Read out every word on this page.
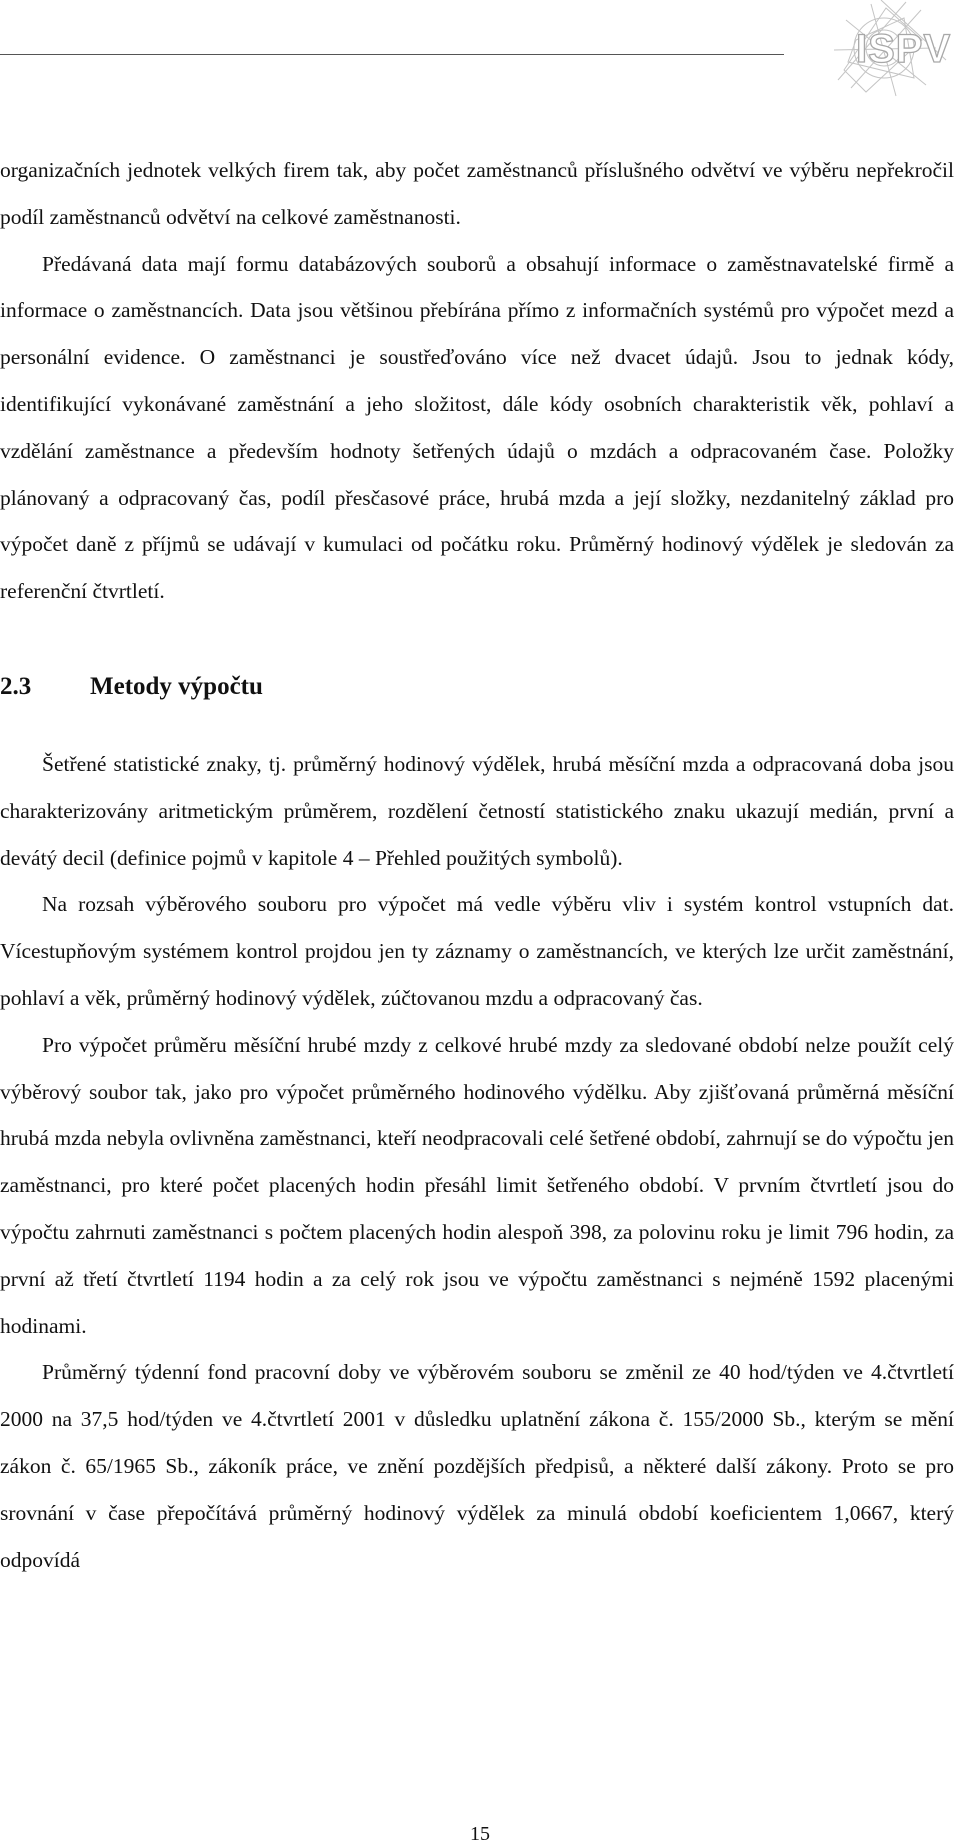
ISPV

organizačních jednotek velkých firem tak, aby počet zaměstnanců příslušného odvětví ve výběru nepřekročil podíl zaměstnanců odvětví na celkové zaměstnanosti.

Předávaná data mají formu databázových souborů a obsahují informace o zaměstnavatelské firmě a informace o zaměstnancích. Data jsou většinou přebírána přímo z informačních systémů pro výpočet mezd a personální evidence. O zaměstnanci je soustřeďováno více než dvacet údajů. Jsou to jednak kódy, identifikující vykonávané zaměstnání a jeho složitost, dále kódy osobních charakteristik věk, pohlaví a vzdělání zaměstnance a především hodnoty šetřených údajů o mzdách a odpracovaném čase. Položky plánovaný a odpracovaný čas, podíl přesčasové práce, hrubá mzda a její složky, nezdanitelný základ pro výpočet daně z příjmů se udávají v kumulaci od počátku roku. Průměrný hodinový výdělek je sledován za referenční čtvrtletí.

2.3	Metody výpočtu

Šetřené statistické znaky, tj. průměrný hodinový výdělek, hrubá měsíční mzda a odpracovaná doba jsou charakterizovány aritmetickým průměrem, rozdělení četností statistického znaku ukazují medián, první a devátý decil (definice pojmů v kapitole 4 – Přehled použitých symbolů).

Na rozsah výběrového souboru pro výpočet má vedle výběru vliv i systém kontrol vstupních dat. Vícestupňovým systémem kontrol projdou jen ty záznamy o zaměstnancích, ve kterých lze určit zaměstnání, pohlaví a věk, průměrný hodinový výdělek, zúčtovanou mzdu a odpracovaný čas.

Pro výpočet průměru měsíční hrubé mzdy z celkové hrubé mzdy za sledované období nelze použít celý výběrový soubor tak, jako pro výpočet průměrného hodinového výdělku. Aby zjišťovaná průměrná měsíční hrubá mzda nebyla ovlivněna zaměstnanci, kteří neodpracovali celé šetřené období, zahrnují se do výpočtu jen zaměstnanci, pro které počet placených hodin přesáhl limit šetřeného období. V prvním čtvrtletí jsou do výpočtu zahrnuti zaměstnanci s počtem placených hodin alespoň 398, za polovinu roku je limit 796 hodin, za první až třetí čtvrtletí 1194 hodin a za celý rok jsou ve výpočtu zaměstnanci s nejméně 1592 placenými hodinami.

Průměrný týdenní fond pracovní doby ve výběrovém souboru se změnil ze 40 hod/týden ve 4.čtvrtletí 2000 na 37,5 hod/týden ve 4.čtvrtletí 2001 v důsledku uplatnění zákona č. 155/2000 Sb., kterým se mění zákon č. 65/1965 Sb., zákoník práce, ve znění pozdějších předpisů, a některé další zákony. Proto se pro srovnání v čase přepočítává průměrný hodinový výdělek za minulá období koeficientem 1,0667, který odpovídá

15
